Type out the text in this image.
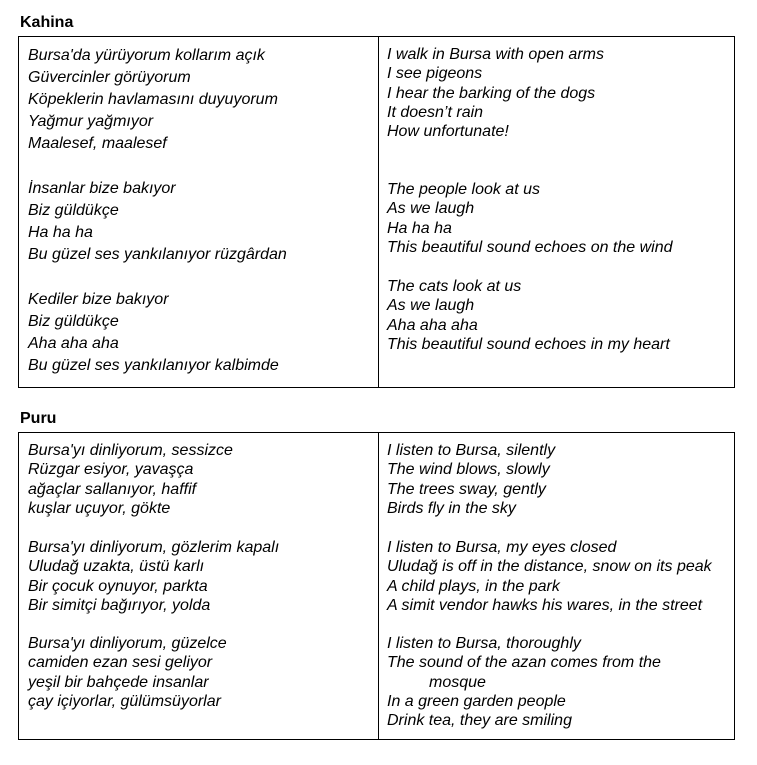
Kahina
Bursa'da yürüyorum kollarım açık
Güvercinler görüyorum
Köpeklerin havlamasını duyuyorum
Yağmur yağmıyor
Maalesef, maalesef
İnsanlar bize bakıyor
Biz güldükçe
Ha ha ha
Bu güzel ses yankılanıyor rüzgârdan
Kediler bize bakıyor
Biz güldükçe
Aha aha aha
Bu güzel ses yankılanıyor kalbimde
I walk in Bursa with open arms
I see pigeons
I hear the barking of the dogs
It doesn’t rain
How unfortunate!
The people look at us
As we laugh
Ha ha ha
This beautiful sound echoes on the wind
The cats look at us
As we laugh
Aha aha aha
This beautiful sound echoes in my heart
Puru
Bursa'yı dinliyorum, sessizce
Rüzgar esiyor, yavaşça
ağaçlar sallanıyor, haffif
kuşlar uçuyor, gökte
Bursa'yı dinliyorum, gözlerim kapalı
Uludağ uzakta, üstü karlı
Bir çocuk oynuyor, parkta
Bir simitçi bağırıyor, yolda
Bursa'yı dinliyorum, güzelce
camiden ezan sesi geliyor
yeşil bir bahçede insanlar
çay içiyorlar, gülümsüyorlar
I listen to Bursa, silently
The wind blows, slowly
The trees sway, gently
Birds fly in the sky
I listen to Bursa, my eyes closed
Uludağ is off in the distance, snow on its peak
A child plays, in the park
A simit vendor hawks his wares, in the street
I listen to Bursa, thoroughly
The sound of the azan comes from the
mosque
In a green garden people
Drink tea, they are smiling
